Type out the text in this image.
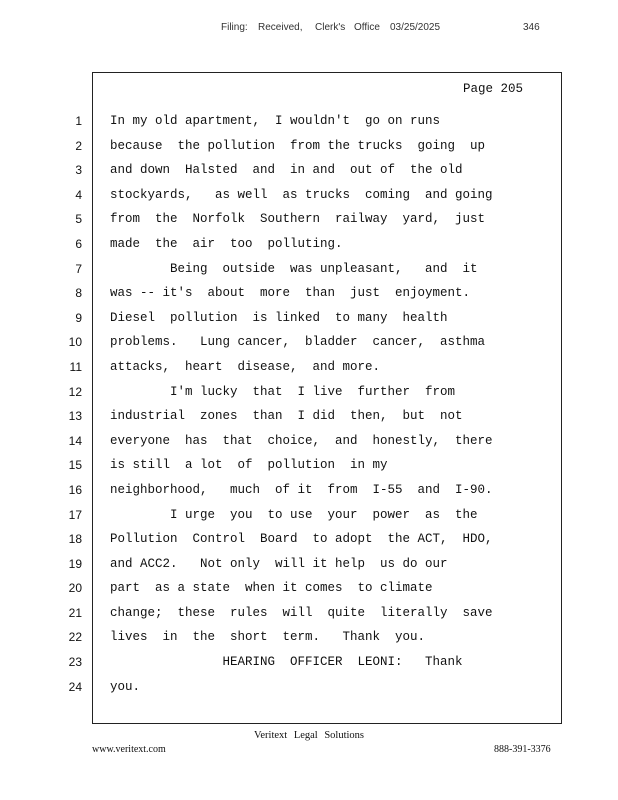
Filing: Received, Clerk's Office 03/25/2025	346
Page 205
1 In my old apartment,  I wouldn't  go on runs
2 because  the pollution  from the trucks  going  up
3 and down  Halsted  and  in and  out of  the old
4 stockyards,   as well  as trucks  coming  and going
5 from  the  Norfolk  Southern  railway  yard,  just
6 made  the  air  too  polluting.
7 Being  outside  was unpleasant,   and  it
8 was -- it's  about  more  than  just  enjoyment.
9 Diesel  pollution  is linked  to many  health
10 problems.   Lung cancer,  bladder  cancer,  asthma
11 attacks,  heart  disease,  and more.
12 I'm lucky  that  I live  further  from
13 industrial  zones  than  I did  then,  but  not
14 everyone  has  that  choice,  and  honestly,  there
15 is still  a lot  of  pollution  in my
16 neighborhood,   much  of it  from  I-55  and  I-90.
17 I urge  you  to use  your  power  as  the
18 Pollution  Control  Board  to adopt  the ACT,  HDO,
19 and ACC2.   Not only  will it help  us do our
20 part  as a state  when it comes  to climate
21 change;  these  rules  will  quite  literally  save
22 lives  in  the  short  term.   Thank  you.
23 HEARING  OFFICER  LEONI:   Thank
24 you.
Veritext Legal Solutions
www.veritext.com	888-391-3376
